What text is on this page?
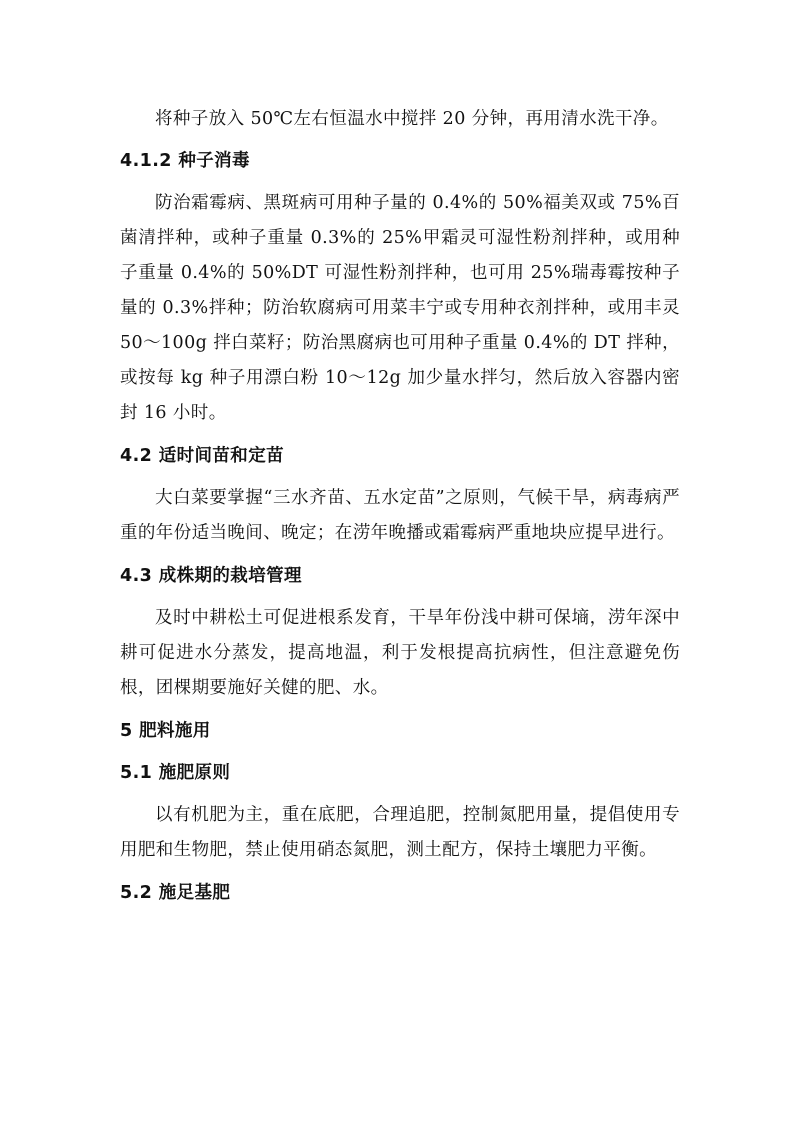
将种子放入 50℃左右恒温水中搅拌 20 分钟，再用清水洗干净。

4.1.2 种子消毒

防治霜霉病、黑斑病可用种子量的 0.4%的 50%福美双或 75%百菌清拌种，或种子重量 0.3%的 25%甲霜灵可湿性粉剂拌种，或用种子重量 0.4%的 50%DT 可湿性粉剂拌种，也可用 25%瑞毒霉按种子量的 0.3%拌种；防治软腐病可用菜丰宁或专用种衣剂拌种，或用丰灵 50～100g 拌白菜籽；防治黑腐病也可用种子重量 0.4%的 DT 拌种，或按每 kg 种子用漂白粉 10～12g 加少量水拌匀，然后放入容器内密封 16 小时。

4.2 适时间苗和定苗

大白菜要掌握“三水齐苗、五水定苗”之原则，气候干旱，病毒病严重的年份适当晚间、晚定；在涝年晚播或霜霉病严重地块应提早进行。

4.3 成株期的栽培管理

及时中耕松土可促进根系发育，干旱年份浅中耕可保墒，涝年深中耕可促进水分蒸发，提高地温，利于发根提高抗病性，但注意避免伤根，团棵期要施好关健的肥、水。

5 肥料施用

5.1 施肥原则

以有机肥为主，重在底肥，合理追肥，控制氮肥用量，提倡使用专用肥和生物肥，禁止使用硝态氮肥，测土配方，保持土壤肥力平衡。

5.2 施足基肥
